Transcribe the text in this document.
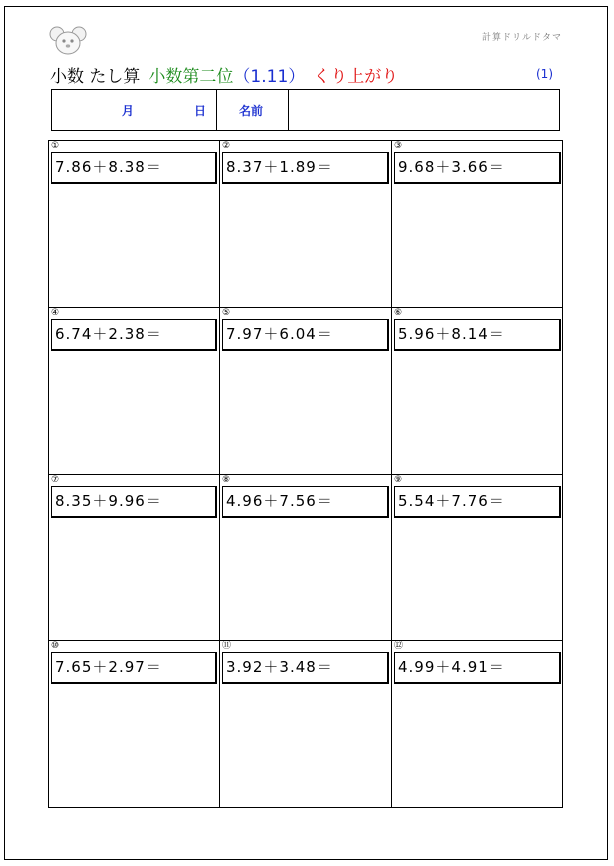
計算ドリルドタマ
小数 たし算 小数第二位（1.11） くり上がり	(1)
月	日	名前
①
7.86＋8.38＝
②
8.37＋1.89＝
③
9.68＋3.66＝
④
6.74＋2.38＝
⑤
7.97＋6.04＝
⑥
5.96＋8.14＝
⑦
8.35＋9.96＝
⑧
4.96＋7.56＝
⑨
5.54＋7.76＝
⑩
7.65＋2.97＝
⑪
3.92＋3.48＝
⑫
4.99＋4.91＝
